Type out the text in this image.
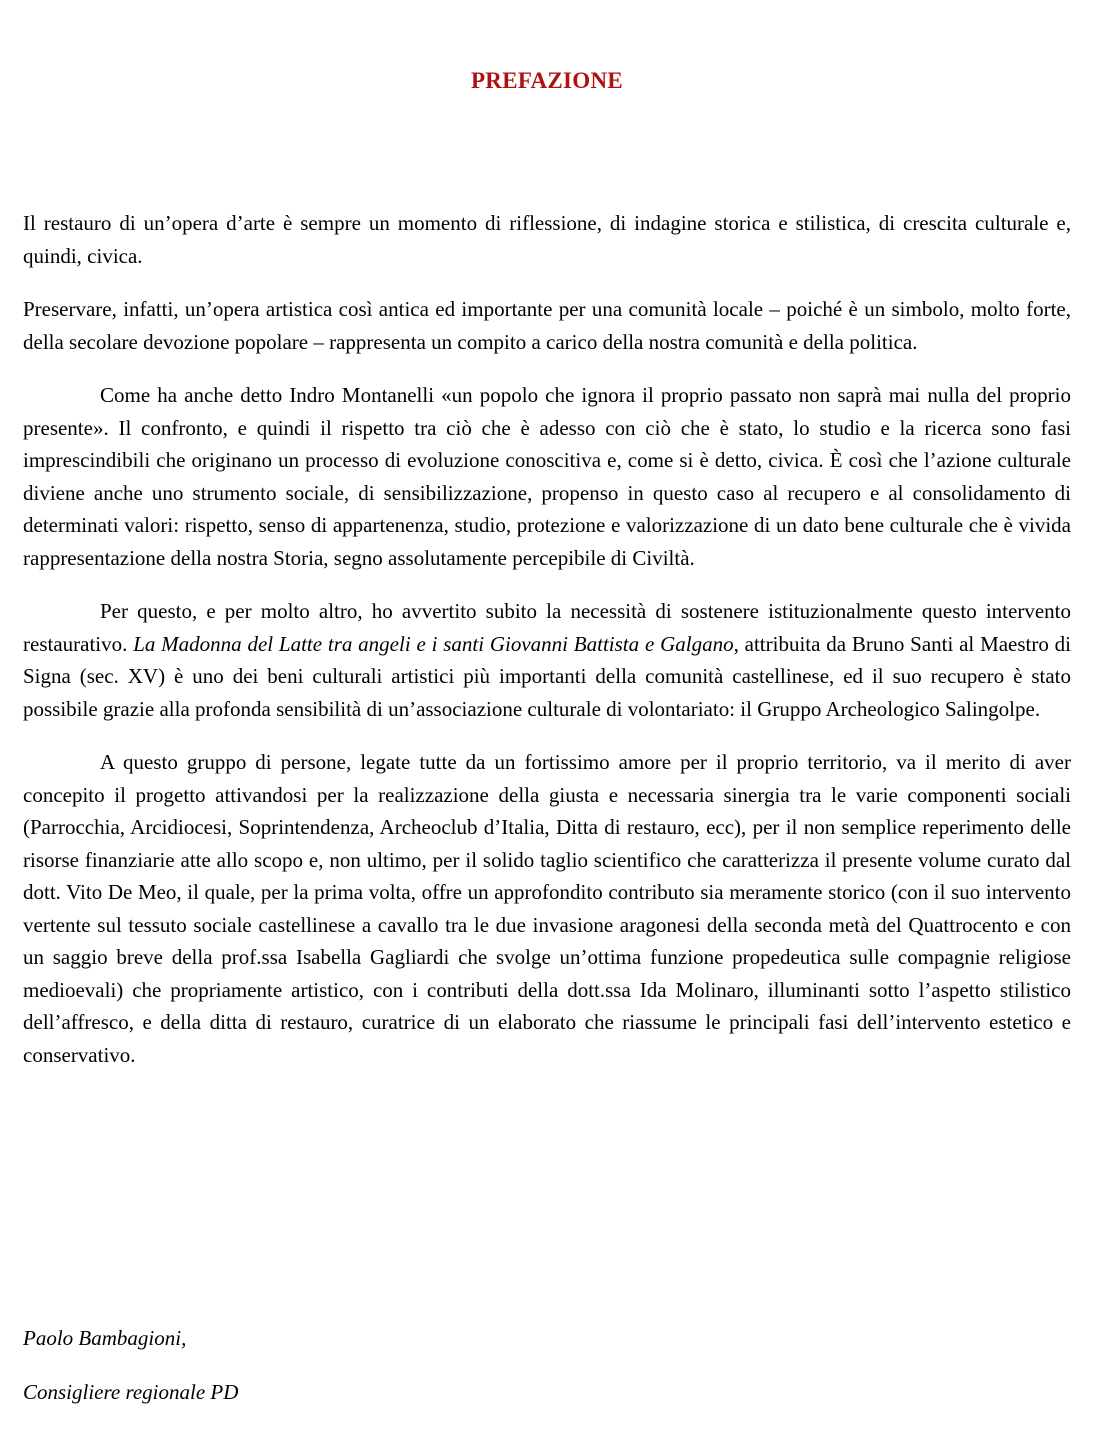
PREFAZIONE

Il restauro di un’opera d’arte è sempre un momento di riflessione, di indagine storica e stilistica, di crescita culturale e, quindi, civica.

Preservare, infatti, un’opera artistica così antica ed importante per una comunità locale – poiché è un simbolo, molto forte, della secolare devozione popolare – rappresenta un compito a carico della nostra comunità e della politica.

Come ha anche detto Indro Montanelli «un popolo che ignora il proprio passato non saprà mai nulla del proprio presente». Il confronto, e quindi il rispetto tra ciò che è adesso con ciò che è stato, lo studio e la ricerca sono fasi imprescindibili che originano un processo di evoluzione conoscitiva e, come si è detto, civica. È così che l’azione culturale diviene anche uno strumento sociale, di sensibilizzazione, propenso in questo caso al recupero e al consolidamento di determinati valori: rispetto, senso di appartenenza, studio, protezione e valorizzazione di un dato bene culturale che è vivida rappresentazione della nostra Storia, segno assolutamente percepibile di Civiltà.

Per questo, e per molto altro, ho avvertito subito la necessità di sostenere istituzionalmente questo intervento restaurativo. La Madonna del Latte tra angeli e i santi Giovanni Battista e Galgano, attribuita da Bruno Santi al Maestro di Signa (sec. XV) è uno dei beni culturali artistici più importanti della comunità castellinese, ed il suo recupero è stato possibile grazie alla profonda sensibilità di un’associazione culturale di volontariato: il Gruppo Archeologico Salingolpe.

A questo gruppo di persone, legate tutte da un fortissimo amore per il proprio territorio, va il merito di aver concepito il progetto attivandosi per la realizzazione della giusta e necessaria sinergia tra le varie componenti sociali (Parrocchia, Arcidiocesi, Soprintendenza, Archeoclub d’Italia, Ditta di restauro, ecc), per il non semplice reperimento delle risorse finanziarie atte allo scopo e, non ultimo, per il solido taglio scientifico che caratterizza il presente volume curato dal dott. Vito De Meo, il quale, per la prima volta, offre un approfondito contributo sia meramente storico (con il suo intervento vertente sul tessuto sociale castellinese a cavallo tra le due invasione aragonesi della seconda metà del Quattrocento e con un saggio breve della prof.ssa Isabella Gagliardi che svolge un’ottima funzione propedeutica sulle compagnie religiose medioevali) che propriamente artistico, con i contributi della dott.ssa Ida Molinaro, illuminanti sotto l’aspetto stilistico dell’affresco, e della ditta di restauro, curatrice di un elaborato che riassume le principali fasi dell’intervento estetico e conservativo.

Paolo Bambagioni,
Consigliere regionale PD
